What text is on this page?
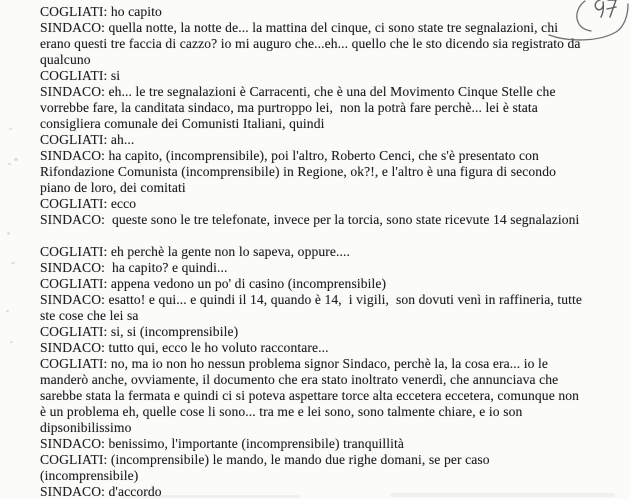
COGLIATI: ho capito
SINDACO: quella notte, la notte de... la mattina del cinque, ci sono state tre segnalazioni, chi
erano questi tre faccia di cazzo? io mi auguro che...eh... quello che le sto dicendo sia registrato da
qualcuno
COGLIATI: si
SINDACO: eh... le tre segnalazioni è Carracenti, che è una del Movimento Cinque Stelle che
vorrebbe fare, la canditata sindaco, ma purtroppo lei,  non la potrà fare perchè... lei è stata
consigliera comunale dei Comunisti Italiani, quindi
COGLIATI: ah...
SINDACO: ha capito, (incomprensibile), poi l'altro, Roberto Cenci, che s'è presentato con
Rifondazione Comunista (incomprensibile) in Regione, ok?!, e l'altro è una figura di secondo
piano de loro, dei comitati
COGLIATI: ecco
SINDACO:  queste sono le tre telefonate, invece per la torcia, sono state ricevute 14 segnalazioni
COGLIATI: eh perchè la gente non lo sapeva, oppure....
SINDACO:  ha capito? e quindi...
COGLIATI: appena vedono un po' di casino (incomprensibile)
SINDACO: esatto! e qui... e quindi il 14, quando è 14,  i vigili,  son dovuti venì in raffineria, tutte
ste cose che lei sa
COGLIATI: si, si (incomprensibile)
SINDACO: tutto qui, ecco le ho voluto raccontare...
COGLIATI: no, ma io non ho nessun problema signor Sindaco, perchè la, la cosa era... io le
manderò anche, ovviamente, il documento che era stato inoltrato venerdì, che annunciava che
sarebbe stata la fermata e quindi ci si poteva aspettare torce alta eccetera eccetera, comunque non
è un problema eh, quelle cose li sono... tra me e lei sono, sono talmente chiare, e io son
dipsonibilissimo
SINDACO: benissimo, l'importante (incomprensibile) tranquillità
COGLIATI: (incomprensibile) le mando, le mando due righe domani, se per caso
(incomprensibile)
SINDACO: d'accordo
